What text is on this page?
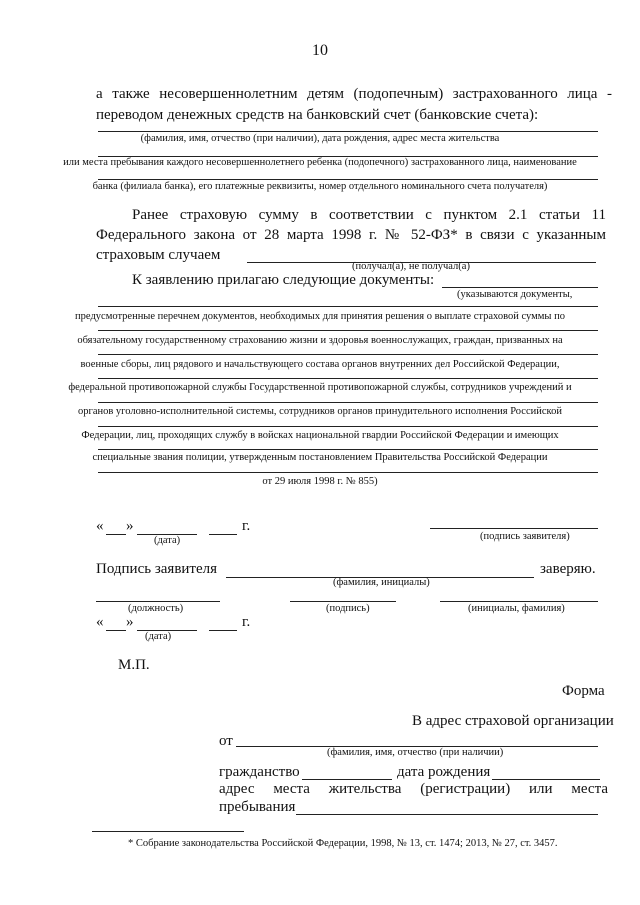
10
а также несовершеннолетним детям (подопечным) застрахованного лица -
переводом денежных средств на банковский счет (банковские счета):
(фамилия, имя, отчество (при наличии), дата рождения, адрес места жительства
или места пребывания каждого несовершеннолетнего ребенка (подопечного) застрахованного лица, наименование
банка (филиала банка), его платежные реквизиты, номер отдельного номинального счета получателя)
Ранее страховую сумму в соответствии с пунктом 2.1 статьи 11
Федерального закона от 28 марта 1998 г. № 52-ФЗ* в связи с указанным
страховым случаем
(получал(а), не получал(а)
К заявлению прилагаю следующие документы:
(указываются документы,
предусмотренные перечнем документов, необходимых для принятия решения о выплате страховой суммы по
обязательному государственному страхованию жизни и здоровья военнослужащих, граждан, призванных на
военные сборы, лиц рядового и начальствующего состава органов внутренних дел Российской Федерации,
федеральной противопожарной службы Государственной противопожарной службы, сотрудников учреждений и
органов уголовно-исполнительной системы, сотрудников органов принудительного исполнения Российской
Федерации, лиц, проходящих службу в войсках национальной гвардии Российской Федерации и имеющих
специальные звания полиции, утвержденным постановлением Правительства Российской Федерации
от 29 июля 1998 г. № 855)
« »	г.
(дата)	(подпись заявителя)
Подпись заявителя	заверяю.
(фамилия, инициалы)
(должность)	(подпись)	(инициалы, фамилия)
« »	г.
(дата)
М.П.
Форма
В адрес страховой организации
от
(фамилия, имя, отчество (при наличии)
гражданство	дата рождения
адрес места жительства (регистрации) или места
пребывания
* Собрание законодательства Российской Федерации, 1998, № 13, ст. 1474; 2013, № 27, ст. 3457.
